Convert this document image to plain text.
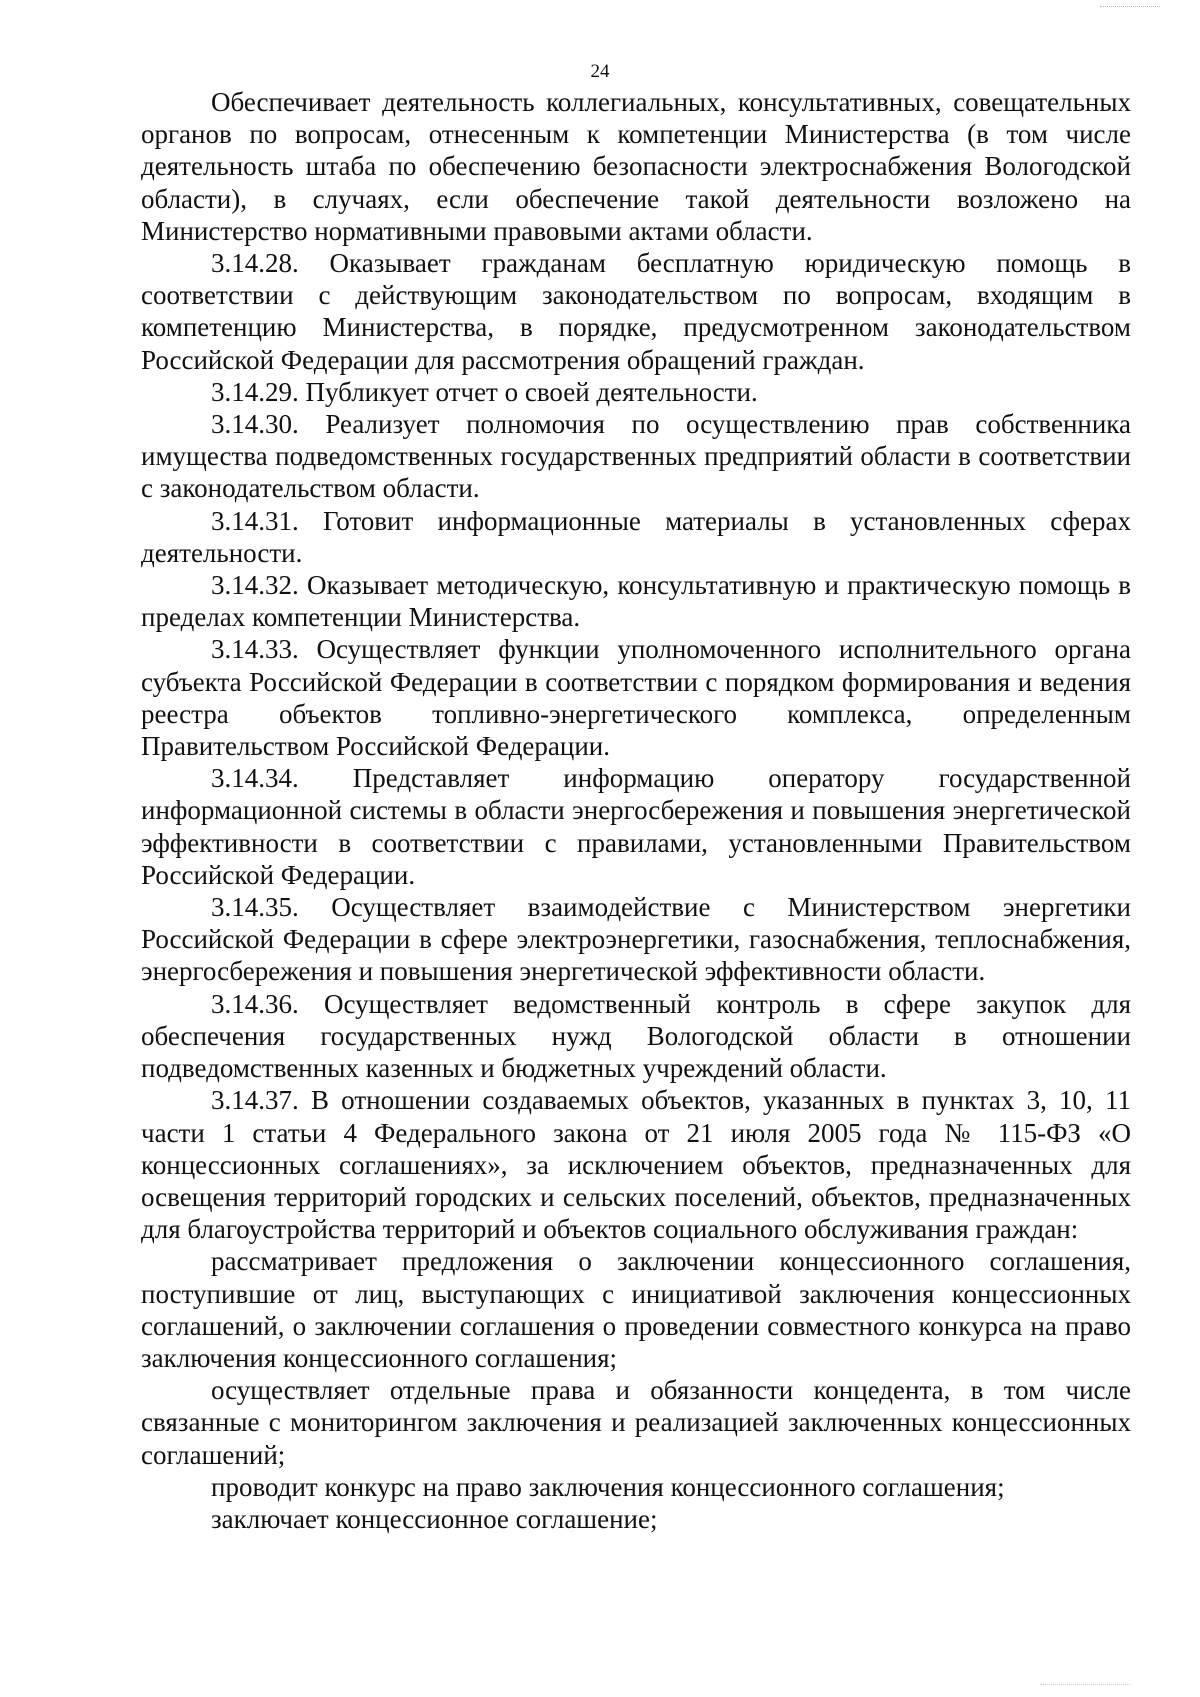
24

Обеспечивает деятельность коллегиальных, консультативных, совещательных органов по вопросам, отнесенным к компетенции Министерства (в том числе деятельность штаба по обеспечению безопасности электроснабжения Вологодской области), в случаях, если обеспечение такой деятельности возложено на Министерство нормативными правовыми актами области.

3.14.28. Оказывает гражданам бесплатную юридическую помощь в соответствии с действующим законодательством по вопросам, входящим в компетенцию Министерства, в порядке, предусмотренном законодательством Российской Федерации для рассмотрения обращений граждан.

3.14.29. Публикует отчет о своей деятельности.

3.14.30. Реализует полномочия по осуществлению прав собственника имущества подведомственных государственных предприятий области в соответствии с законодательством области.

3.14.31. Готовит информационные материалы в установленных сферах деятельности.

3.14.32. Оказывает методическую, консультативную и практическую помощь в пределах компетенции Министерства.

3.14.33. Осуществляет функции уполномоченного исполнительного органа субъекта Российской Федерации в соответствии с порядком формирования и ведения реестра объектов топливно-энергетического комплекса, определенным Правительством Российской Федерации.

3.14.34. Представляет информацию оператору государственной информационной системы в области энергосбережения и повышения энергетической эффективности в соответствии с правилами, установленными Правительством Российской Федерации.

3.14.35. Осуществляет взаимодействие с Министерством энергетики Российской Федерации в сфере электроэнергетики, газоснабжения, теплоснабжения, энергосбережения и повышения энергетической эффективности области.

3.14.36. Осуществляет ведомственный контроль в сфере закупок для обеспечения государственных нужд Вологодской области в отношении подведомственных казенных и бюджетных учреждений области.

3.14.37. В отношении создаваемых объектов, указанных в пунктах 3, 10, 11 части 1 статьи 4 Федерального закона от 21 июля 2005 года № 115-ФЗ «О концессионных соглашениях», за исключением объектов, предназначенных для освещения территорий городских и сельских поселений, объектов, предназначенных для благоустройства территорий и объектов социального обслуживания граждан:

рассматривает предложения о заключении концессионного соглашения, поступившие от лиц, выступающих с инициативой заключения концессионных соглашений, о заключении соглашения о проведении совместного конкурса на право заключения концессионного соглашения;

осуществляет отдельные права и обязанности концедента, в том числе связанные с мониторингом заключения и реализацией заключенных концессионных соглашений;

проводит конкурс на право заключения концессионного соглашения;

заключает концессионное соглашение;
